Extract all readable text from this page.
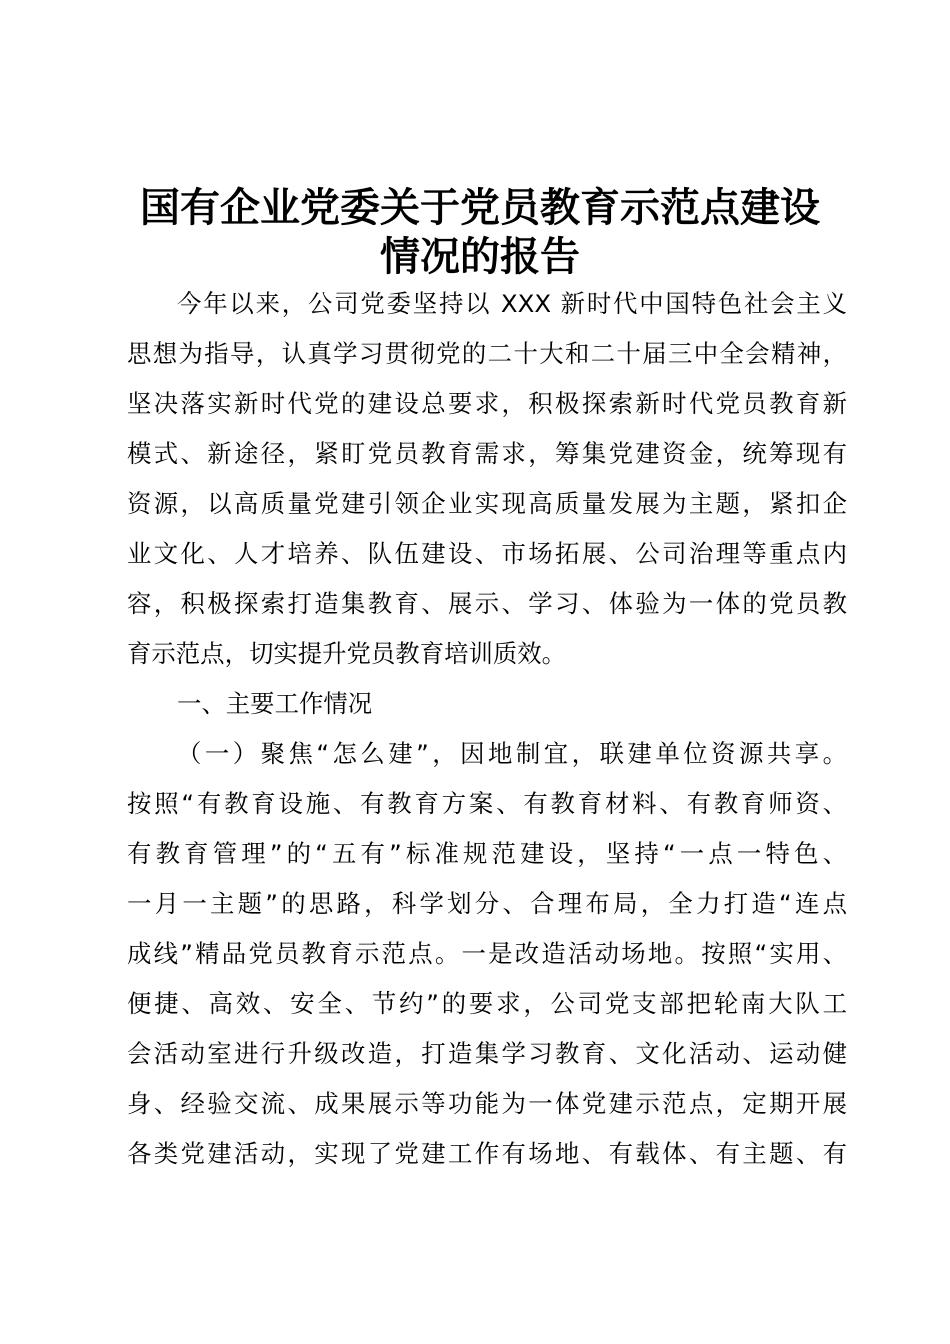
国有企业党委关于党员教育示范点建设
情况的报告
今年以来，公司党委坚持以 XXX 新时代中国特色社会主义
思想为指导，认真学习贯彻党的二十大和二十届三中全会精神，
坚决落实新时代党的建设总要求，积极探索新时代党员教育新
模式、新途径，紧盯党员教育需求，筹集党建资金，统筹现有
资源，以高质量党建引领企业实现高质量发展为主题，紧扣企
业文化、人才培养、队伍建设、市场拓展、公司治理等重点内
容，积极探索打造集教育、展示、学习、体验为一体的党员教
育示范点，切实提升党员教育培训质效。
一、主要工作情况
（一）聚焦“怎么建”，因地制宜，联建单位资源共享。
按照“有教育设施、有教育方案、有教育材料、有教育师资、
有教育管理”的“五有”标准规范建设，坚持“一点一特色、
一月一主题”的思路，科学划分、合理布局，全力打造“连点
成线”精品党员教育示范点。一是改造活动场地。按照“实用、
便捷、高效、安全、节约”的要求，公司党支部把轮南大队工
会活动室进行升级改造，打造集学习教育、文化活动、运动健
身、经验交流、成果展示等功能为一体党建示范点，定期开展
各类党建活动，实现了党建工作有场地、有载体、有主题、有
